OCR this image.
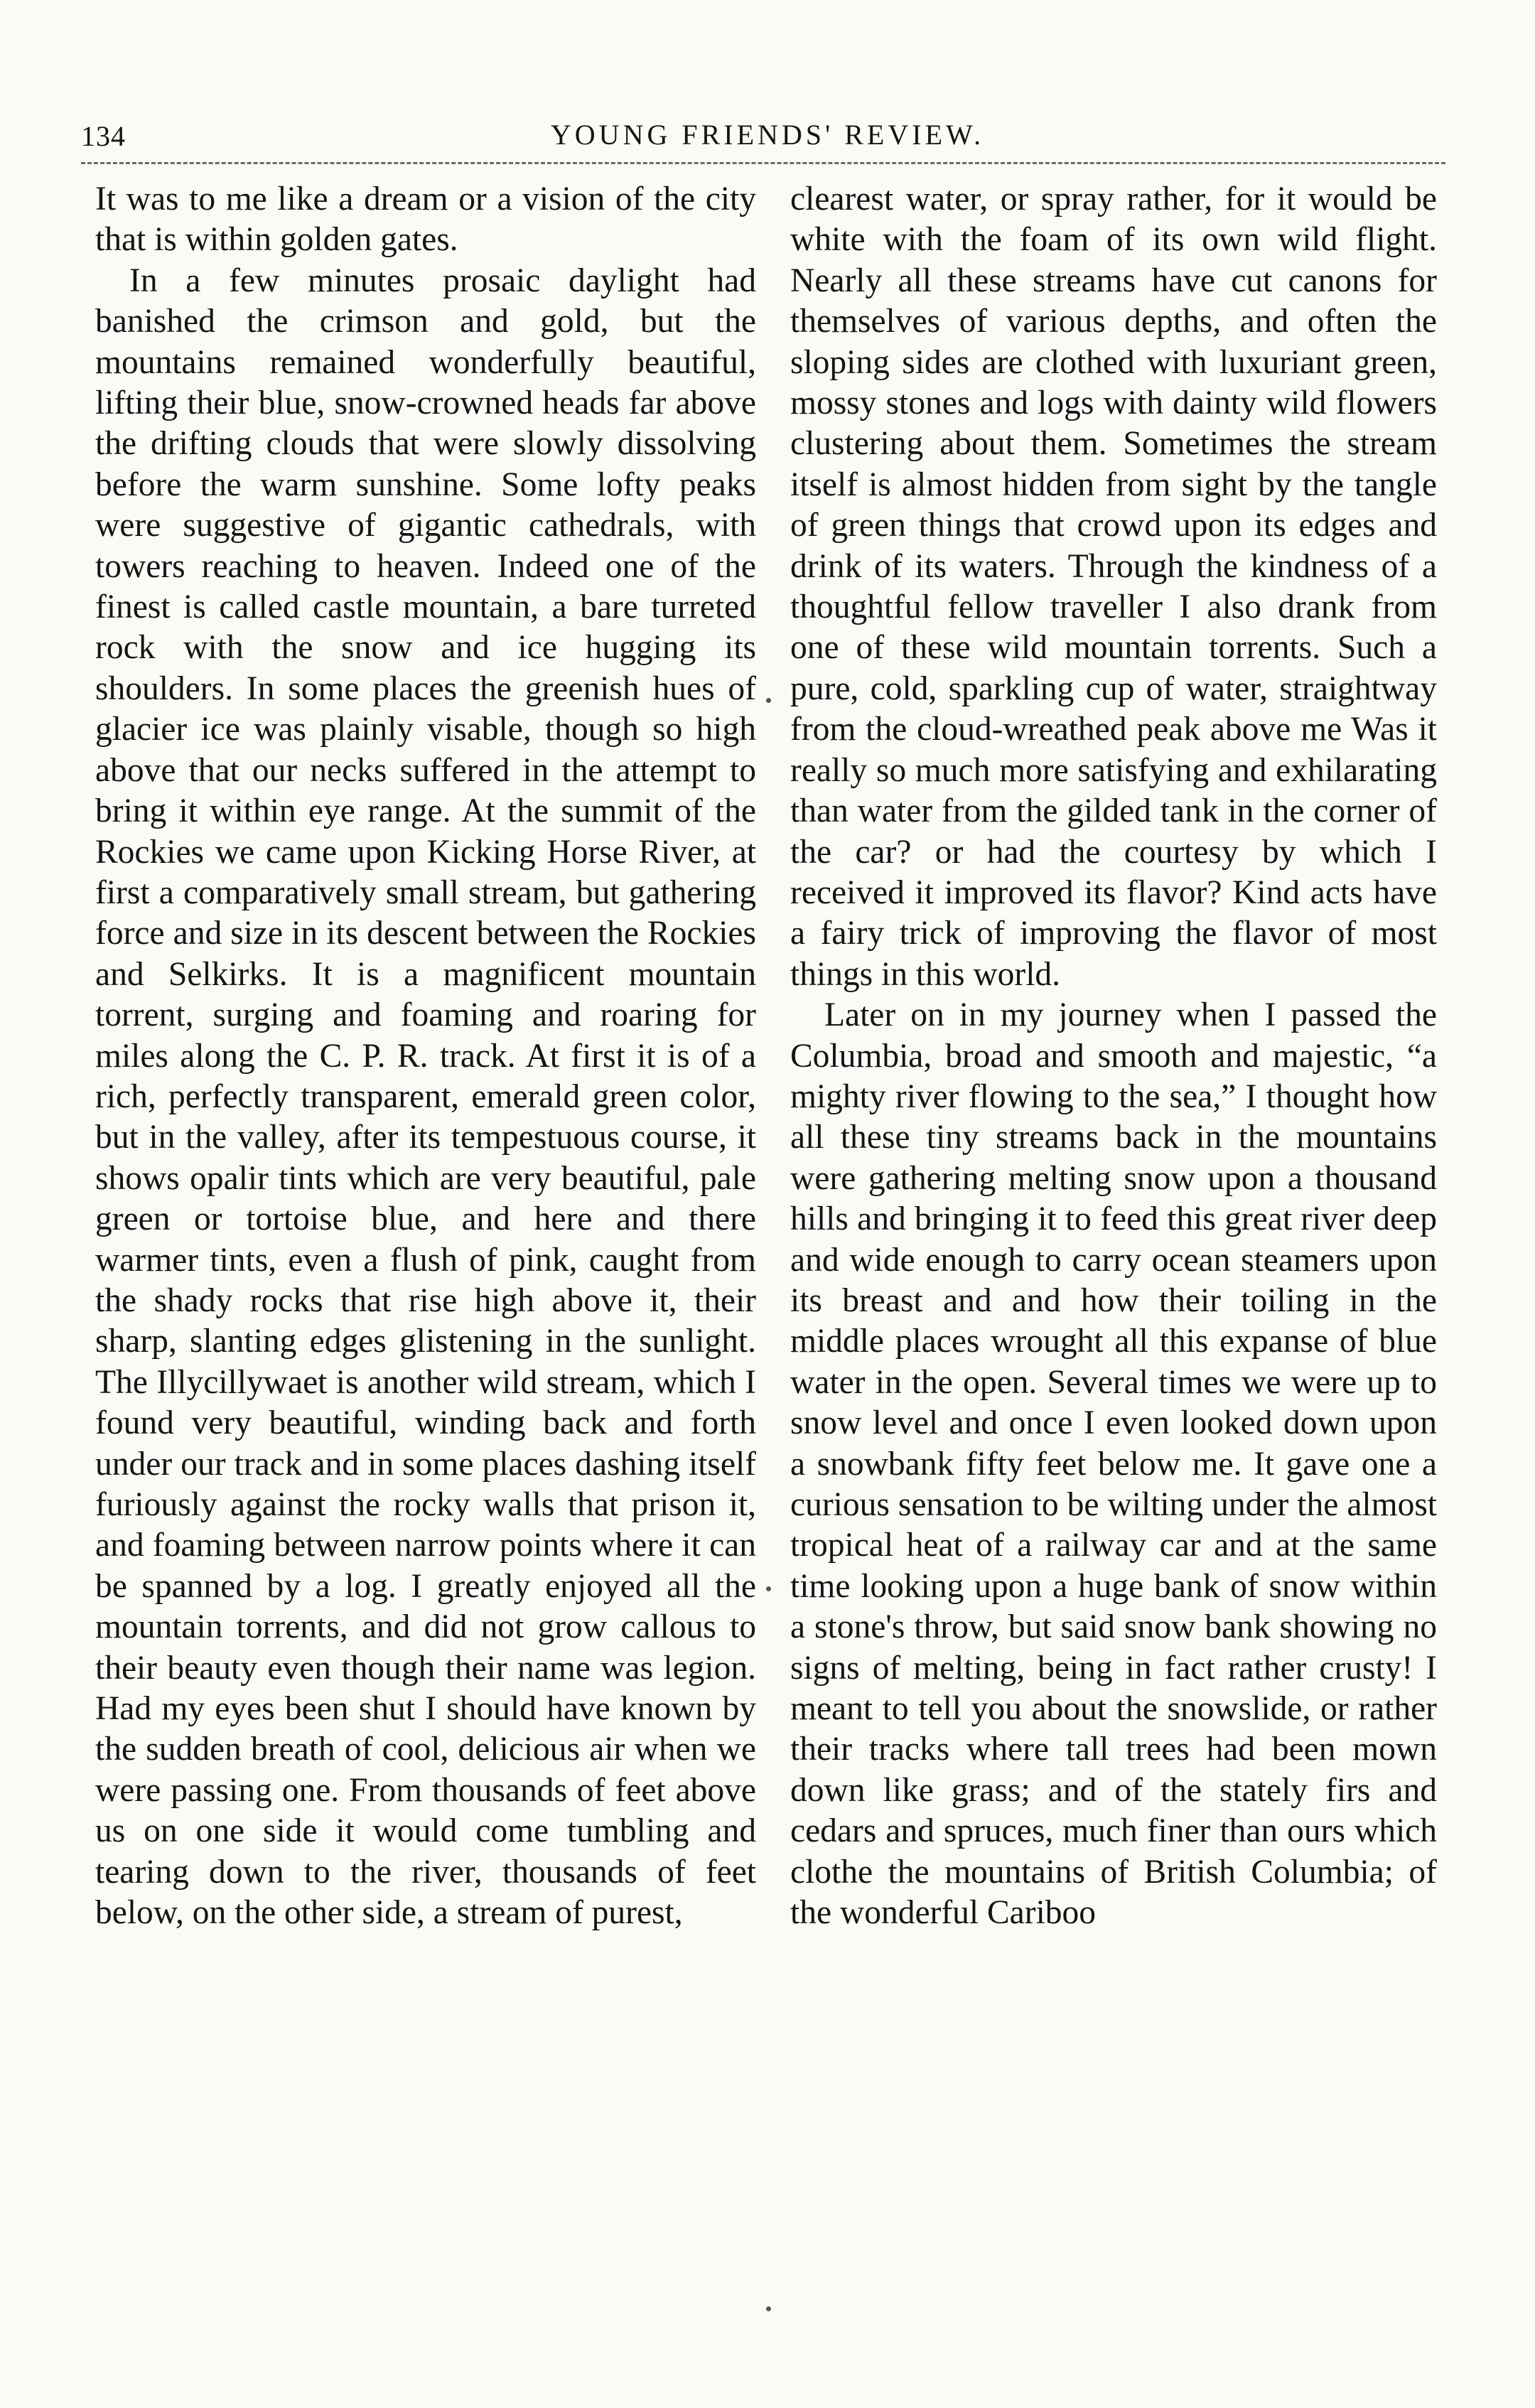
134	YOUNG FRIENDS' REVIEW.

It was to me like a dream or a vision of the city that is within golden gates.

In a few minutes prosaic daylight had banished the crimson and gold, but the mountains remained wonderfully beautiful, lifting their blue, snow-crowned heads far above the drifting clouds that were slowly dissolving before the warm sunshine. Some lofty peaks were suggestive of gigantic cathedrals, with towers reaching to heaven. Indeed one of the finest is called castle mountain, a bare turreted rock with the snow and ice hugging its shoulders. In some places the greenish hues of glacier ice was plainly visable, though so high above that our necks suffered in the attempt to bring it within eye range. At the summit of the Rockies we came upon Kicking Horse River, at first a comparatively small stream, but gathering force and size in its descent between the Rockies and Selkirks. It is a magnificent mountain torrent, surging and foaming and roaring for miles along the C. P. R. track. At first it is of a rich, perfectly transparent, emerald green color, but in the valley, after its tempestuous course, it shows opalir tints which are very beautiful, pale green or tortoise blue, and here and there warmer tints, even a flush of pink, caught from the shady rocks that rise high above it, their sharp, slanting edges glistening in the sunlight. The Illycillywaet is another wild stream, which I found very beautiful, winding back and forth under our track and in some places dashing itself furiously against the rocky walls that prison it, and foaming between narrow points where it can be spanned by a log. I greatly enjoyed all the mountain torrents, and did not grow callous to their beauty even though their name was legion. Had my eyes been shut I should have known by the sudden breath of cool, delicious air when we were passing one. From thousands of feet above us on one side it would come tumbling and tearing down to the river, thousands of feet below, on the other side, a stream of purest,

clearest water, or spray rather, for it would be white with the foam of its own wild flight. Nearly all these streams have cut canons for themselves of various depths, and often the sloping sides are clothed with luxuriant green, mossy stones and logs with dainty wild flowers clustering about them. Sometimes the stream itself is almost hidden from sight by the tangle of green things that crowd upon its edges and drink of its waters. Through the kindness of a thoughtful fellow traveller I also drank from one of these wild mountain torrents. Such a pure, cold, sparkling cup of water, straightway from the cloud-wreathed peak above me Was it really so much more satisfying and exhilarating than water from the gilded tank in the corner of the car? or had the courtesy by which I received it improved its flavor? Kind acts have a fairy trick of improving the flavor of most things in this world.

Later on in my journey when I passed the Columbia, broad and smooth and majestic, “a mighty river flowing to the sea,” I thought how all these tiny streams back in the mountains were gathering melting snow upon a thousand hills and bringing it to feed this great river deep and wide enough to carry ocean steamers upon its breast and and how their toiling in the middle places wrought all this expanse of blue water in the open. Several times we were up to snow level and once I even looked down upon a snowbank fifty feet below me. It gave one a curious sensation to be wilting under the almost tropical heat of a railway car and at the same time looking upon a huge bank of snow within a stone's throw, but said snow bank showing no signs of melting, being in fact rather crusty! I meant to tell you about the snowslide, or rather their tracks where tall trees had been mown down like grass; and of the stately firs and cedars and spruces, much finer than ours which clothe the mountains of British Columbia; of the wonderful Cariboo
